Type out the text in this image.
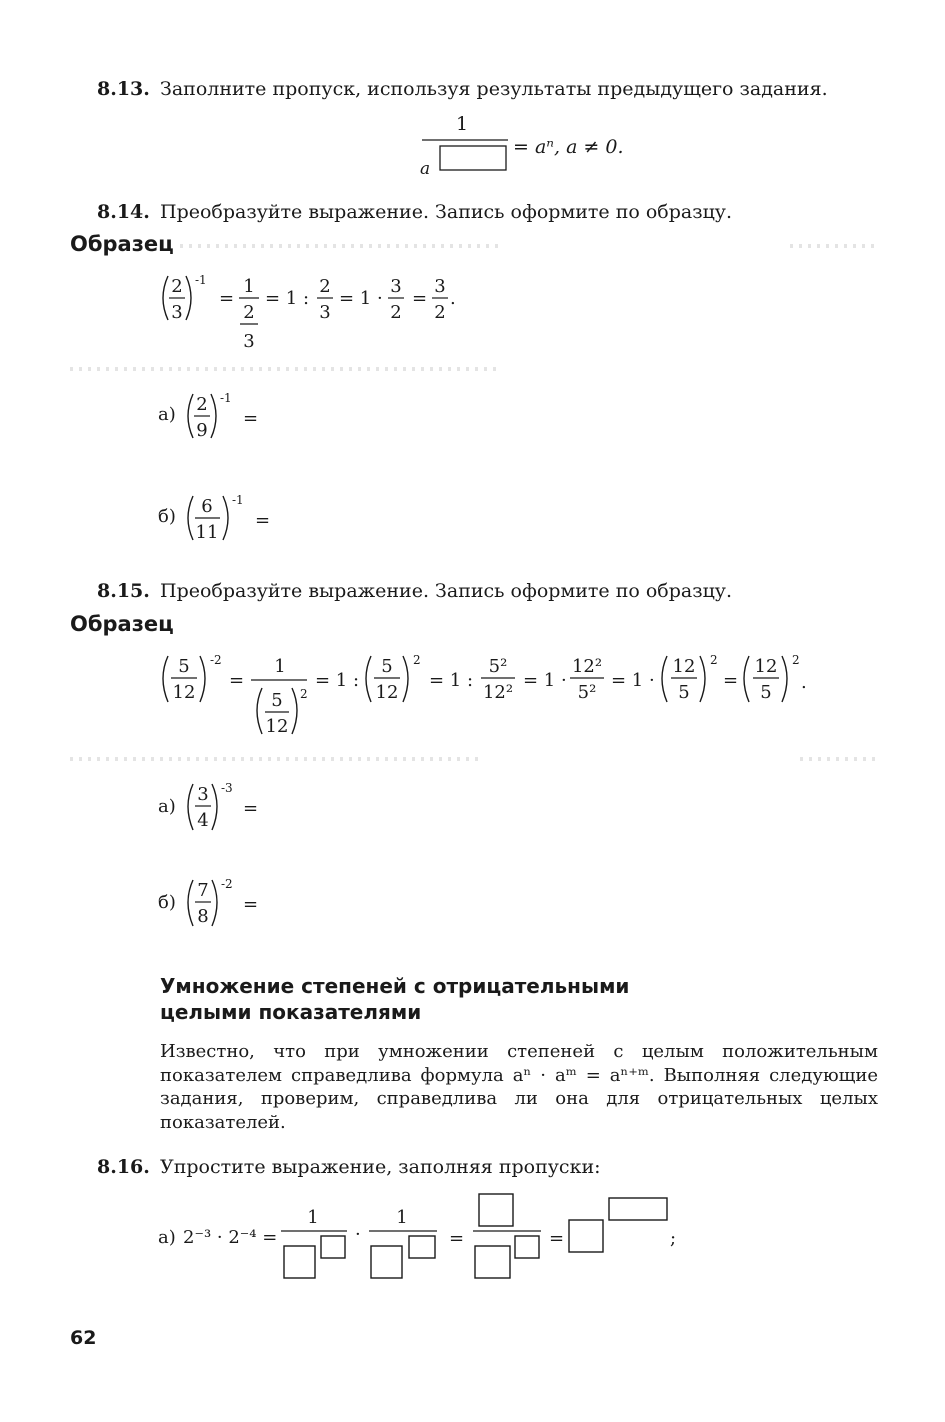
8.13. Заполните пропуск, используя результаты предыдущего задания.
1
a
= aⁿ, a ≠ 0.
8.14. Преобразуйте выражение. Запись оформите по образцу.
Образец
2
3
-1
=
1
2
3
= 1 :
2
3
= 1 ·
3
2
=
3
2
.
а) 2
9
-1
=
б) 6
11
-1
=
8.15. Преобразуйте выражение. Запись оформите по образцу.
Образец
5
12
-2
=
1
5
12
2
= 1 :
5
12
2
= 1 :
5²
12²
= 1 ·
12²
5²
= 1 ·
12
5
2
=
12
5
2
.
а)
3
4
-3
=
б)
7
8
-2
=
Умножение степеней с отрицательными
целыми показателями
Известно, что при умножении степеней с целым положительным показателем справедлива формула aⁿ · aᵐ = aⁿ⁺ᵐ. Выполняя следующие задания, проверим, справедлива ли она для отрицательных целых показателей.
8.16. Упростите выражение, заполняя пропуски:
а) 2⁻³ · 2⁻⁴ =
1
·
1
=	=	;
62
